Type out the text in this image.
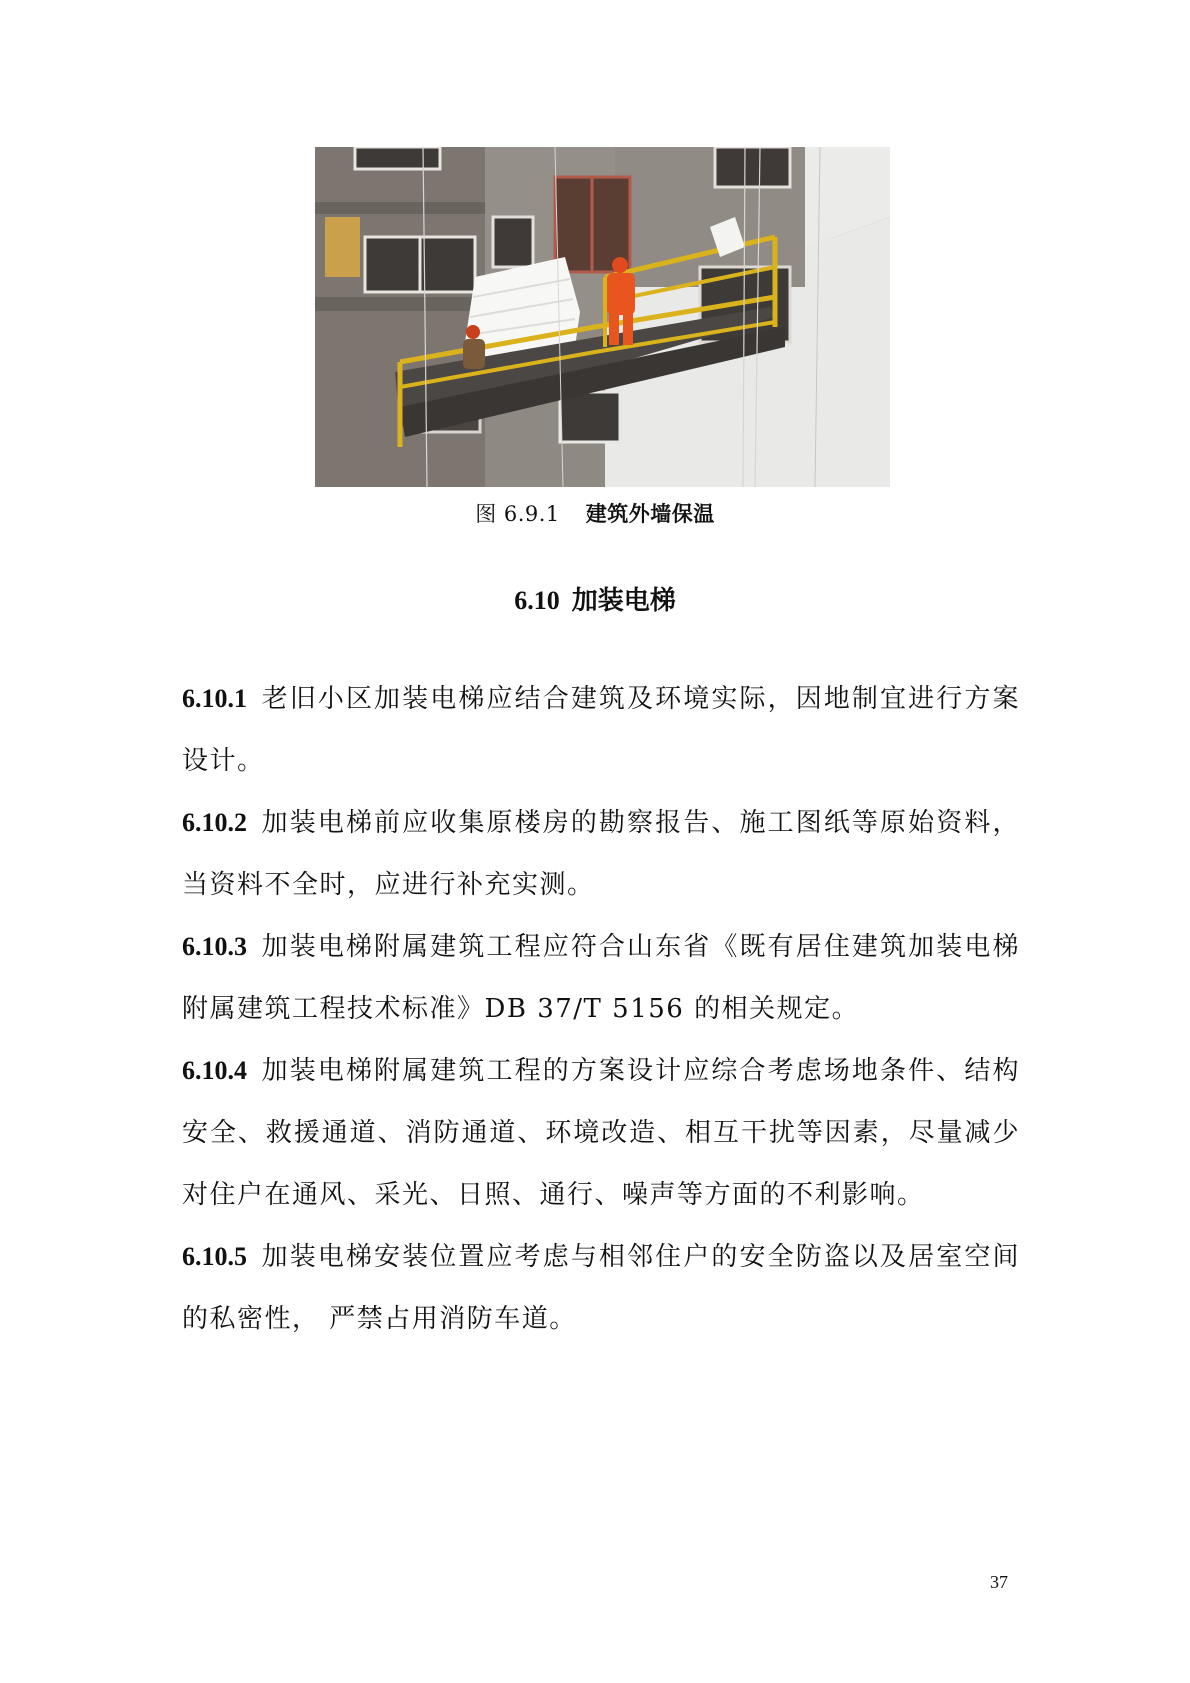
图 6.9.1 建筑外墙保温
6.10 加装电梯

6.10.1 老旧小区加装电梯应结合建筑及环境实际，因地制宜进行方案设计。

6.10.2 加装电梯前应收集原楼房的勘察报告、施工图纸等原始资料，当资料不全时，应进行补充实测。

6.10.3 加装电梯附属建筑工程应符合山东省《既有居住建筑加装电梯附属建筑工程技术标准》DB 37/T 5156 的相关规定。

6.10.4 加装电梯附属建筑工程的方案设计应综合考虑场地条件、结构安全、救援通道、消防通道、环境改造、相互干扰等因素，尽量减少对住户在通风、采光、日照、通行、噪声等方面的不利影响。

6.10.5 加装电梯安装位置应考虑与相邻住户的安全防盗以及居室空间的私密性， 严禁占用消防车道。

37
